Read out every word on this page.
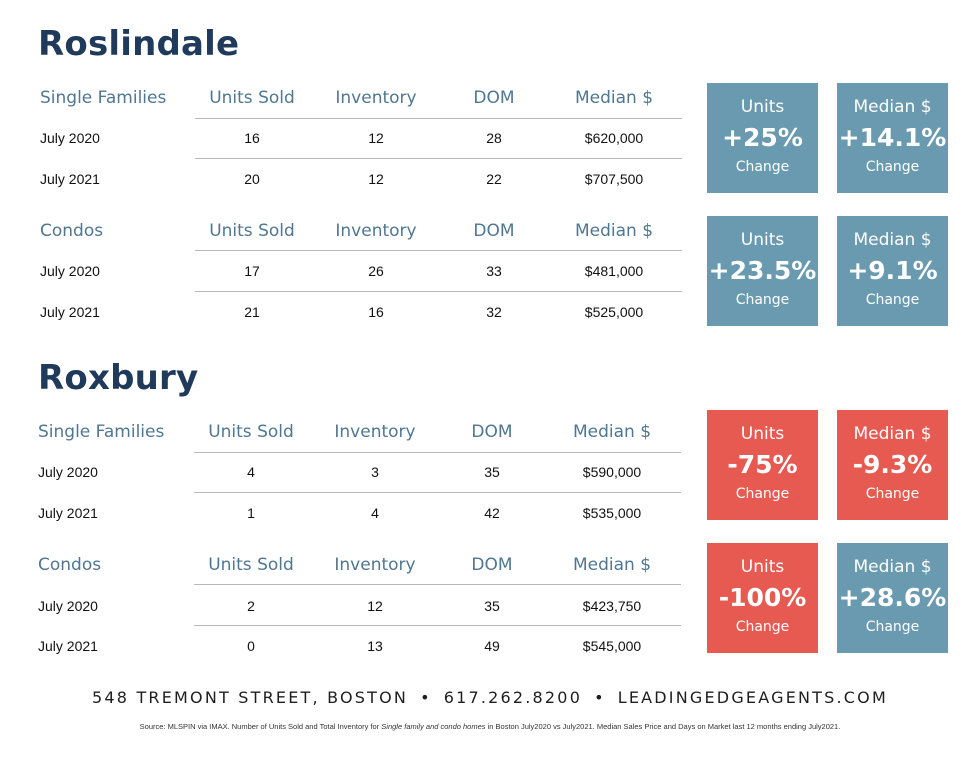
Roslindale
Single Families	Units Sold	Inventory	DOM	Median $
July 2020	16	12	28	$620,000
July 2021	20	12	22	$707,500
Units
+25%
Change
Median $
+14.1%
Change
Condos	Units Sold	Inventory	DOM	Median $
July 2020	17	26	33	$481,000
July 2021	21	16	32	$525,000
Units
+23.5%
Change
Median $
+9.1%
Change
Roxbury
Single Families	Units Sold	Inventory	DOM	Median $
July 2020	4	3	35	$590,000
July 2021	1	4	42	$535,000
Units
-75%
Change
Median $
-9.3%
Change
Condos	Units Sold	Inventory	DOM	Median $
July 2020	2	12	35	$423,750
July 2021	0	13	49	$545,000
Units
-100%
Change
Median $
+28.6%
Change
548 TREMONT STREET, BOSTON • 617.262.8200 • LEADINGEDGEAGENTS.COM
Source: MLSPIN via IMAX. Number of Units Sold and Total Inventory for Single family and condo homes in Boston July2020 vs July2021. Median Sales Price and Days on Market last 12 months ending July2021.
